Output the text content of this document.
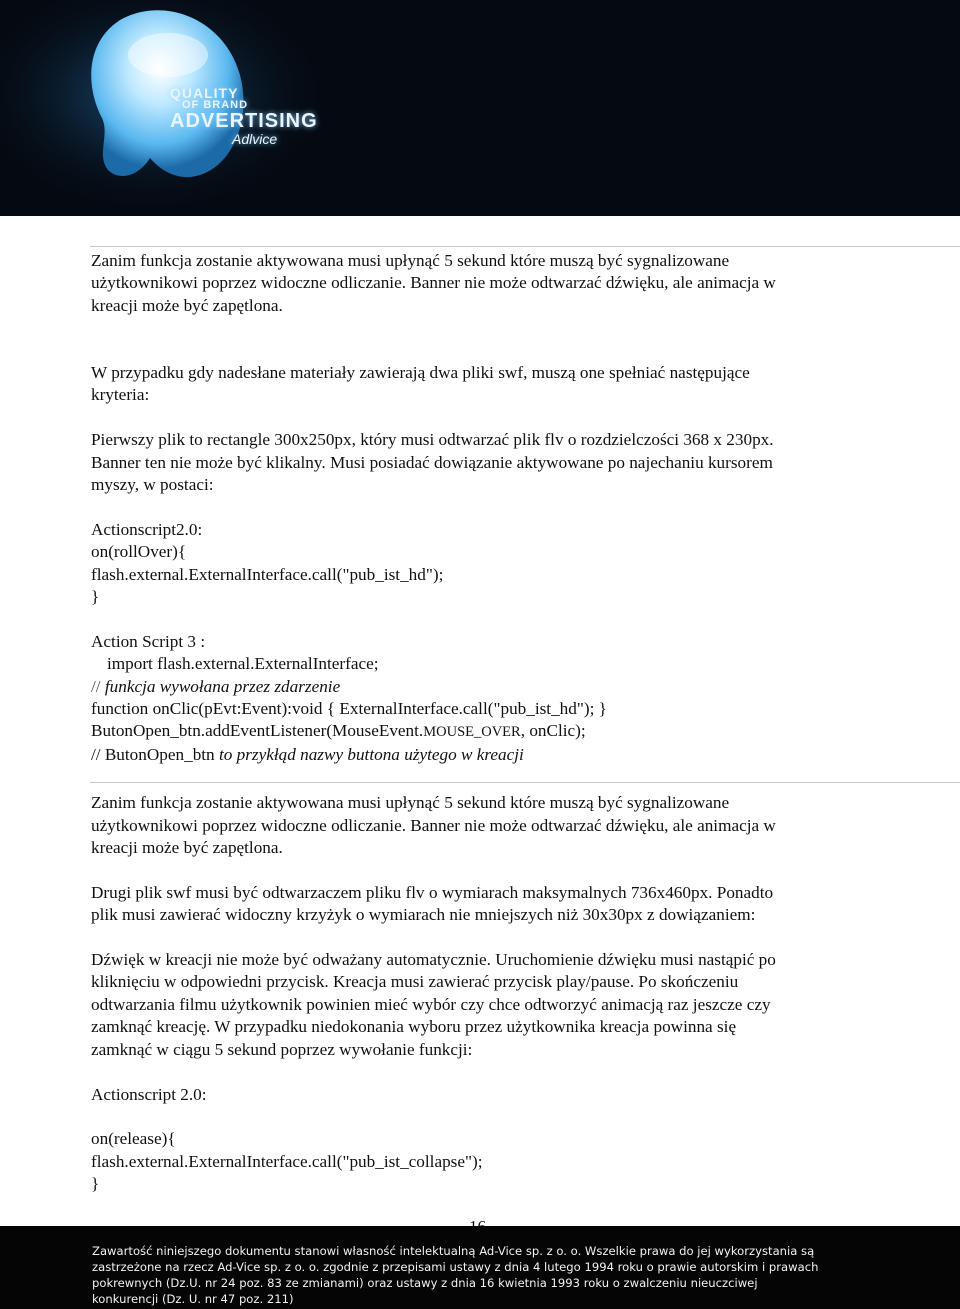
QUALITY
OF BRAND
ADVERTISING
Adlvice

Zanim funkcja zostanie aktywowana musi upłynąć 5 sekund które muszą być sygnalizowane

użytkownikowi poprzez widoczne odliczanie. Banner nie może odtwarzać dźwięku, ale animacja w

kreacji może być zapętlona.

W przypadku gdy nadesłane materiały zawierają dwa pliki swf, muszą one spełniać następujące

kryteria:

Pierwszy plik to rectangle 300x250px, który musi odtwarzać plik flv o rozdzielczości 368 x 230px.

Banner ten nie może być klikalny. Musi posiadać dowiązanie aktywowane po najechaniu kursorem

myszy, w postaci:

Actionscript2.0:

on(rollOver){

flash.external.ExternalInterface.call("pub_ist_hd");

}

Action Script 3 :

import flash.external.ExternalInterface;

// funkcja wywołana przez zdarzenie

function onClic(pEvt:Event):void { ExternalInterface.call("pub_ist_hd"); }

ButonOpen_btn.addEventListener(MouseEvent.MOUSE_OVER, onClic);

// ButonOpen_btn to przykłąd nazwy buttona użytego w kreacji

Zanim funkcja zostanie aktywowana musi upłynąć 5 sekund które muszą być sygnalizowane

użytkownikowi poprzez widoczne odliczanie. Banner nie może odtwarzać dźwięku, ale animacja w

kreacji może być zapętlona.

Drugi plik swf musi być odtwarzaczem pliku flv o wymiarach maksymalnych 736x460px. Ponadto

plik musi zawierać widoczny krzyżyk o wymiarach nie mniejszych niż 30x30px z dowiązaniem:

Dźwięk w kreacji nie może być odważany automatycznie. Uruchomienie dźwięku musi nastąpić po

kliknięciu w odpowiedni przycisk. Kreacja musi zawierać przycisk play/pause. Po skończeniu

odtwarzania filmu użytkownik powinien mieć wybór czy chce odtworzyć animacją raz jeszcze czy

zamknąć kreację. W przypadku niedokonania wyboru przez użytkownika kreacja powinna się

zamknąć w ciągu 5 sekund poprzez wywołanie funkcji:

Actionscript 2.0:

on(release){

flash.external.ExternalInterface.call("pub_ist_collapse");

}

Zawartość niniejszego dokumentu stanowi własność intelektualną Ad-Vice sp. z o. o. Wszelkie prawa do jej wykorzystania są
zastrzeżone na rzecz Ad-Vice sp. z o. o. zgodnie z przepisami ustawy z dnia 4 lutego 1994 roku o prawie autorskim i prawach
pokrewnych (Dz.U. nr 24 poz. 83 ze zmianami) oraz ustawy z dnia 16 kwietnia 1993 roku o zwalczeniu nieuczciwej
konkurencji (Dz. U. nr 47 poz. 211)
